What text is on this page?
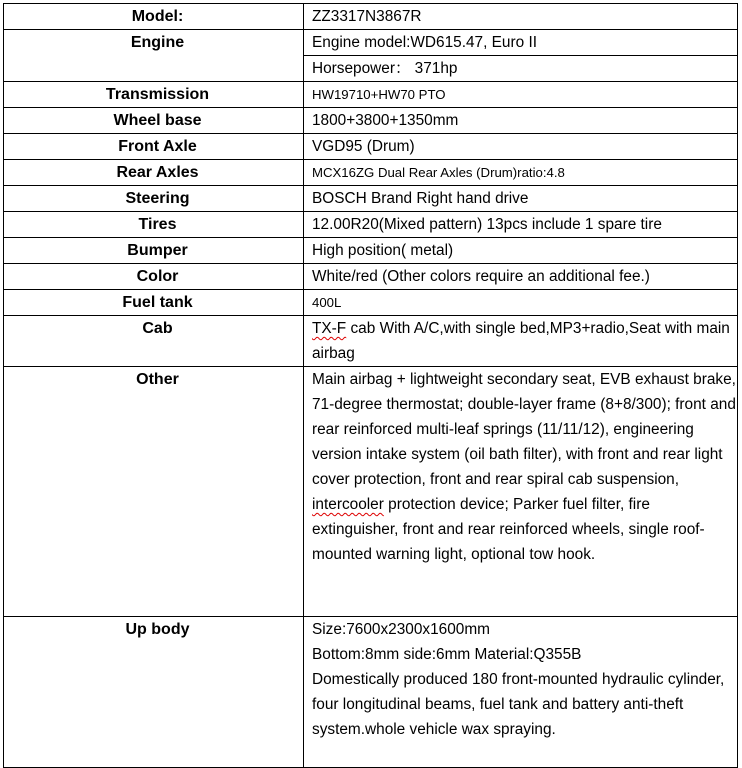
Model:	ZZ3317N3867R
Engine	Engine model:WD615.47, Euro II
	Horsepower： 371hp
Transmission	HW19710+HW70 PTO
Wheel base	1800+3800+1350mm
Front Axle	VGD95 (Drum)
Rear Axles	MCX16ZG Dual Rear Axles (Drum)ratio:4.8
Steering	BOSCH Brand Right hand drive
Tires	12.00R20(Mixed pattern) 13pcs include 1 spare tire
Bumper	High position( metal)
Color	White/red (Other colors require an additional fee.)
Fuel tank	400L
Cab	TX-F cab With A/C,with single bed,MP3+radio,Seat with main airbag
Other	Main airbag + lightweight secondary seat, EVB exhaust brake, 71-degree thermostat; double-layer frame (8+8/300); front and rear reinforced multi-leaf springs (11/11/12), engineering version intake system (oil bath filter), with front and rear light cover protection, front and rear spiral cab suspension, intercooler protection device; Parker fuel filter, fire extinguisher, front and rear reinforced wheels, single roof-mounted warning light, optional tow hook.
Up body	Size:7600x2300x1600mm
Bottom:8mm side:6mm Material:Q355B
Domestically produced 180 front-mounted hydraulic cylinder, four longitudinal beams, fuel tank and battery anti-theft system.whole vehicle wax spraying.
